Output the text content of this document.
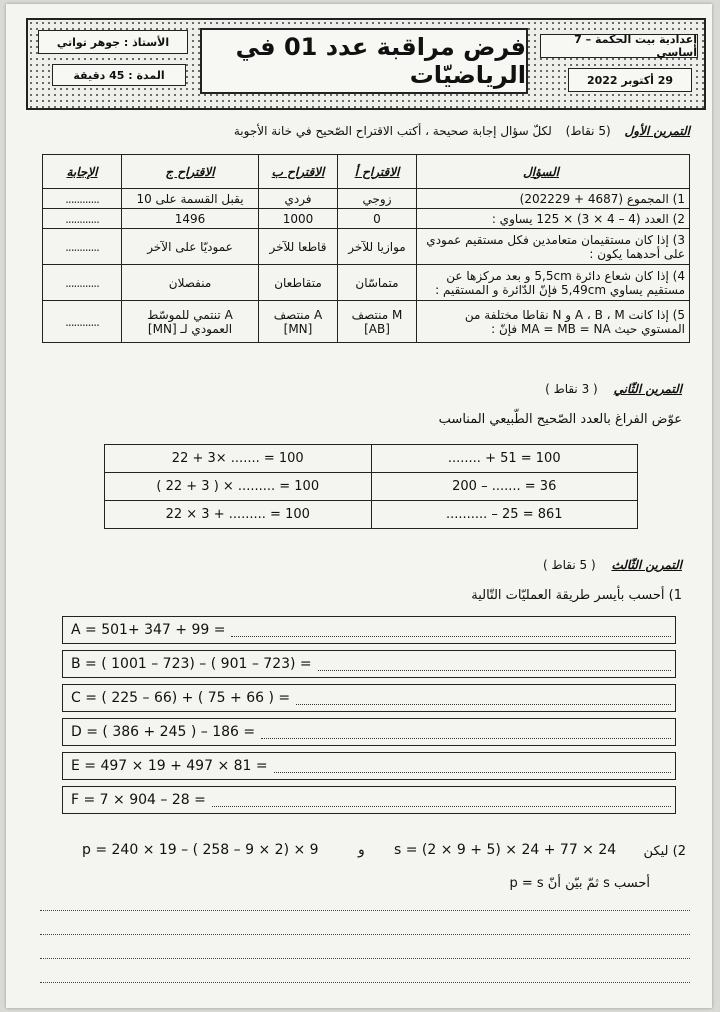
الأستاذ : جوهر تواتي
المدة : 45 دقيقة
فرض مراقبة عدد 01 في الرياضيّات
إعدادية بيت الحكمة – 7 أساسي
29 أكتوبر 2022
التمرين الأول (5 نقاط) لكلّ سؤال إجابة صحيحة ، أكتب الاقتراح الصّحيح في خانة الأجوبة
الإجابة	الاقتراح ج	الاقتراح ب	الاقتراح أ	السؤال
............	يقبل القسمة على 10	فردي	زوجي	1) المجموع (4687 + 202229)
............	1496	1000	0	2) العدد (4 – 4 × 3) × 125 يساوي :
............	عموديّا على الآخر	قاطعا للآخر	موازيا للآخر	3) إذا كان مستقيمان متعامدين فكل مستقيم عمودي على أحدهما يكون :
............	منفصلان	متقاطعان	متماسّان	4) إذا كان شعاع دائرة 5,5cm و بعد مركزها عن مستقيم يساوي 5,49cm فإنّ الدّائرة و المستقيم :
............	A تنتمي للموسّط العمودي لـ [MN]	A منتصف [MN]	M منتصف [AB]	5) إذا كانت A ، B ، M و N نقاطا مختلفة من المستوي حيث MA = MB = NA فإنّ :
التمرين الثّاني ( 3 نقاط )
عوّض الفراغ بالعدد الصّحيح الطّبيعي المناسب
22 + 3× ....... = 100	........ + 51 = 100
( 22 + 3 ) × ......... = 100	200 – ....... = 36
22 × 3 + ......... = 100	.......... – 25 = 861
التمرين الثّالث ( 5 نقاط )
1) أحسب بأيسر طريقة العمليّات التّالية
A = 501+ 347 + 99 =
B = ( 1001 – 723) – ( 901 – 723) =
C = ( 225 – 66) + ( 75 + 66 ) =
D = ( 386 + 245 ) – 186 =
E = 497 × 19 + 497 × 81 =
F = 7 × 904 – 28 =
p = 240 × 19 – ( 258 – 9 × 2) × 9	و s = (2 × 9 + 5) × 24 + 77 × 24 2) ليكن
أحسب s ثمّ بيّن أنّ p = s
